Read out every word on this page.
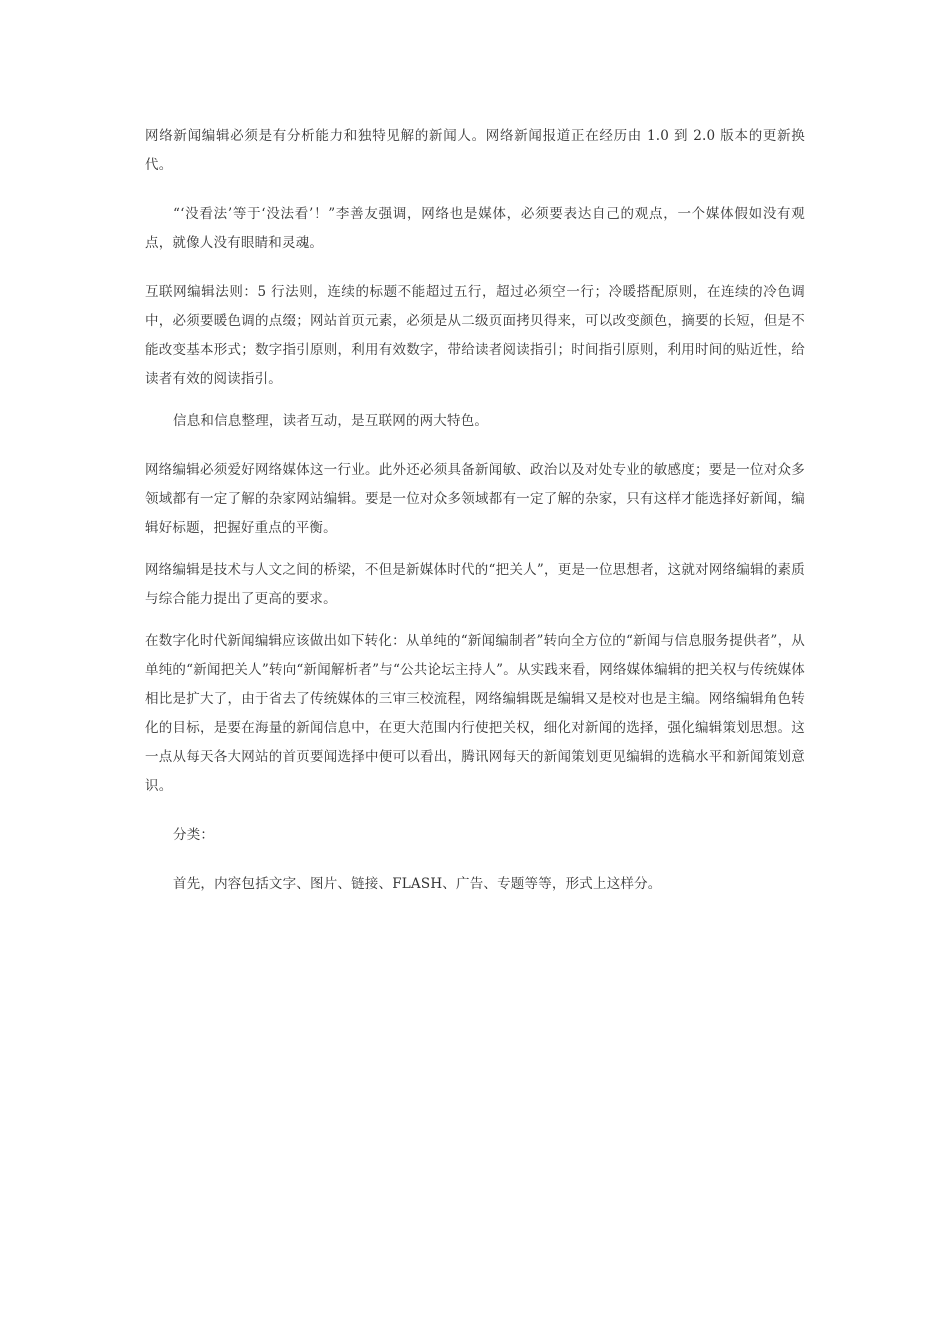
网络新闻编辑必须是有分析能力和独特见解的新闻人。网络新闻报道正在经历由 1.0 到 2.0 版本的更新换代。

“‘没看法’等于‘没法看’！”李善友强调，网络也是媒体，必须要表达自己的观点，一个媒体假如没有观点，就像人没有眼睛和灵魂。

互联网编辑法则：5 行法则，连续的标题不能超过五行，超过必须空一行；冷暖搭配原则，在连续的冷色调中，必须要暖色调的点缀；网站首页元素，必须是从二级页面拷贝得来，可以改变颜色，摘要的长短，但是不能改变基本形式；数字指引原则，利用有效数字，带给读者阅读指引；时间指引原则，利用时间的贴近性，给读者有效的阅读指引。

信息和信息整理，读者互动，是互联网的两大特色。

网络编辑必须爱好网络媒体这一行业。此外还必须具备新闻敏、政治以及对处专业的敏感度；要是一位对众多领域都有一定了解的杂家网站编辑。要是一位对众多领域都有一定了解的杂家，只有这样才能选择好新闻，编辑好标题，把握好重点的平衡。

网络编辑是技术与人文之间的桥梁，不但是新媒体时代的“把关人”，更是一位思想者，这就对网络编辑的素质与综合能力提出了更高的要求。

在数字化时代新闻编辑应该做出如下转化：从单纯的“新闻编制者”转向全方位的“新闻与信息服务提供者”，从单纯的“新闻把关人”转向“新闻解析者”与“公共论坛主持人”。从实践来看，网络媒体编辑的把关权与传统媒体相比是扩大了，由于省去了传统媒体的三审三校流程，网络编辑既是编辑又是校对也是主编。网络编辑角色转化的目标，是要在海量的新闻信息中，在更大范围内行使把关权，细化对新闻的选择，强化编辑策划思想。这一点从每天各大网站的首页要闻选择中便可以看出，腾讯网每天的新闻策划更见编辑的选稿水平和新闻策划意识。

分类：

首先，内容包括文字、图片、链接、FLASH、广告、专题等等，形式上这样分。
